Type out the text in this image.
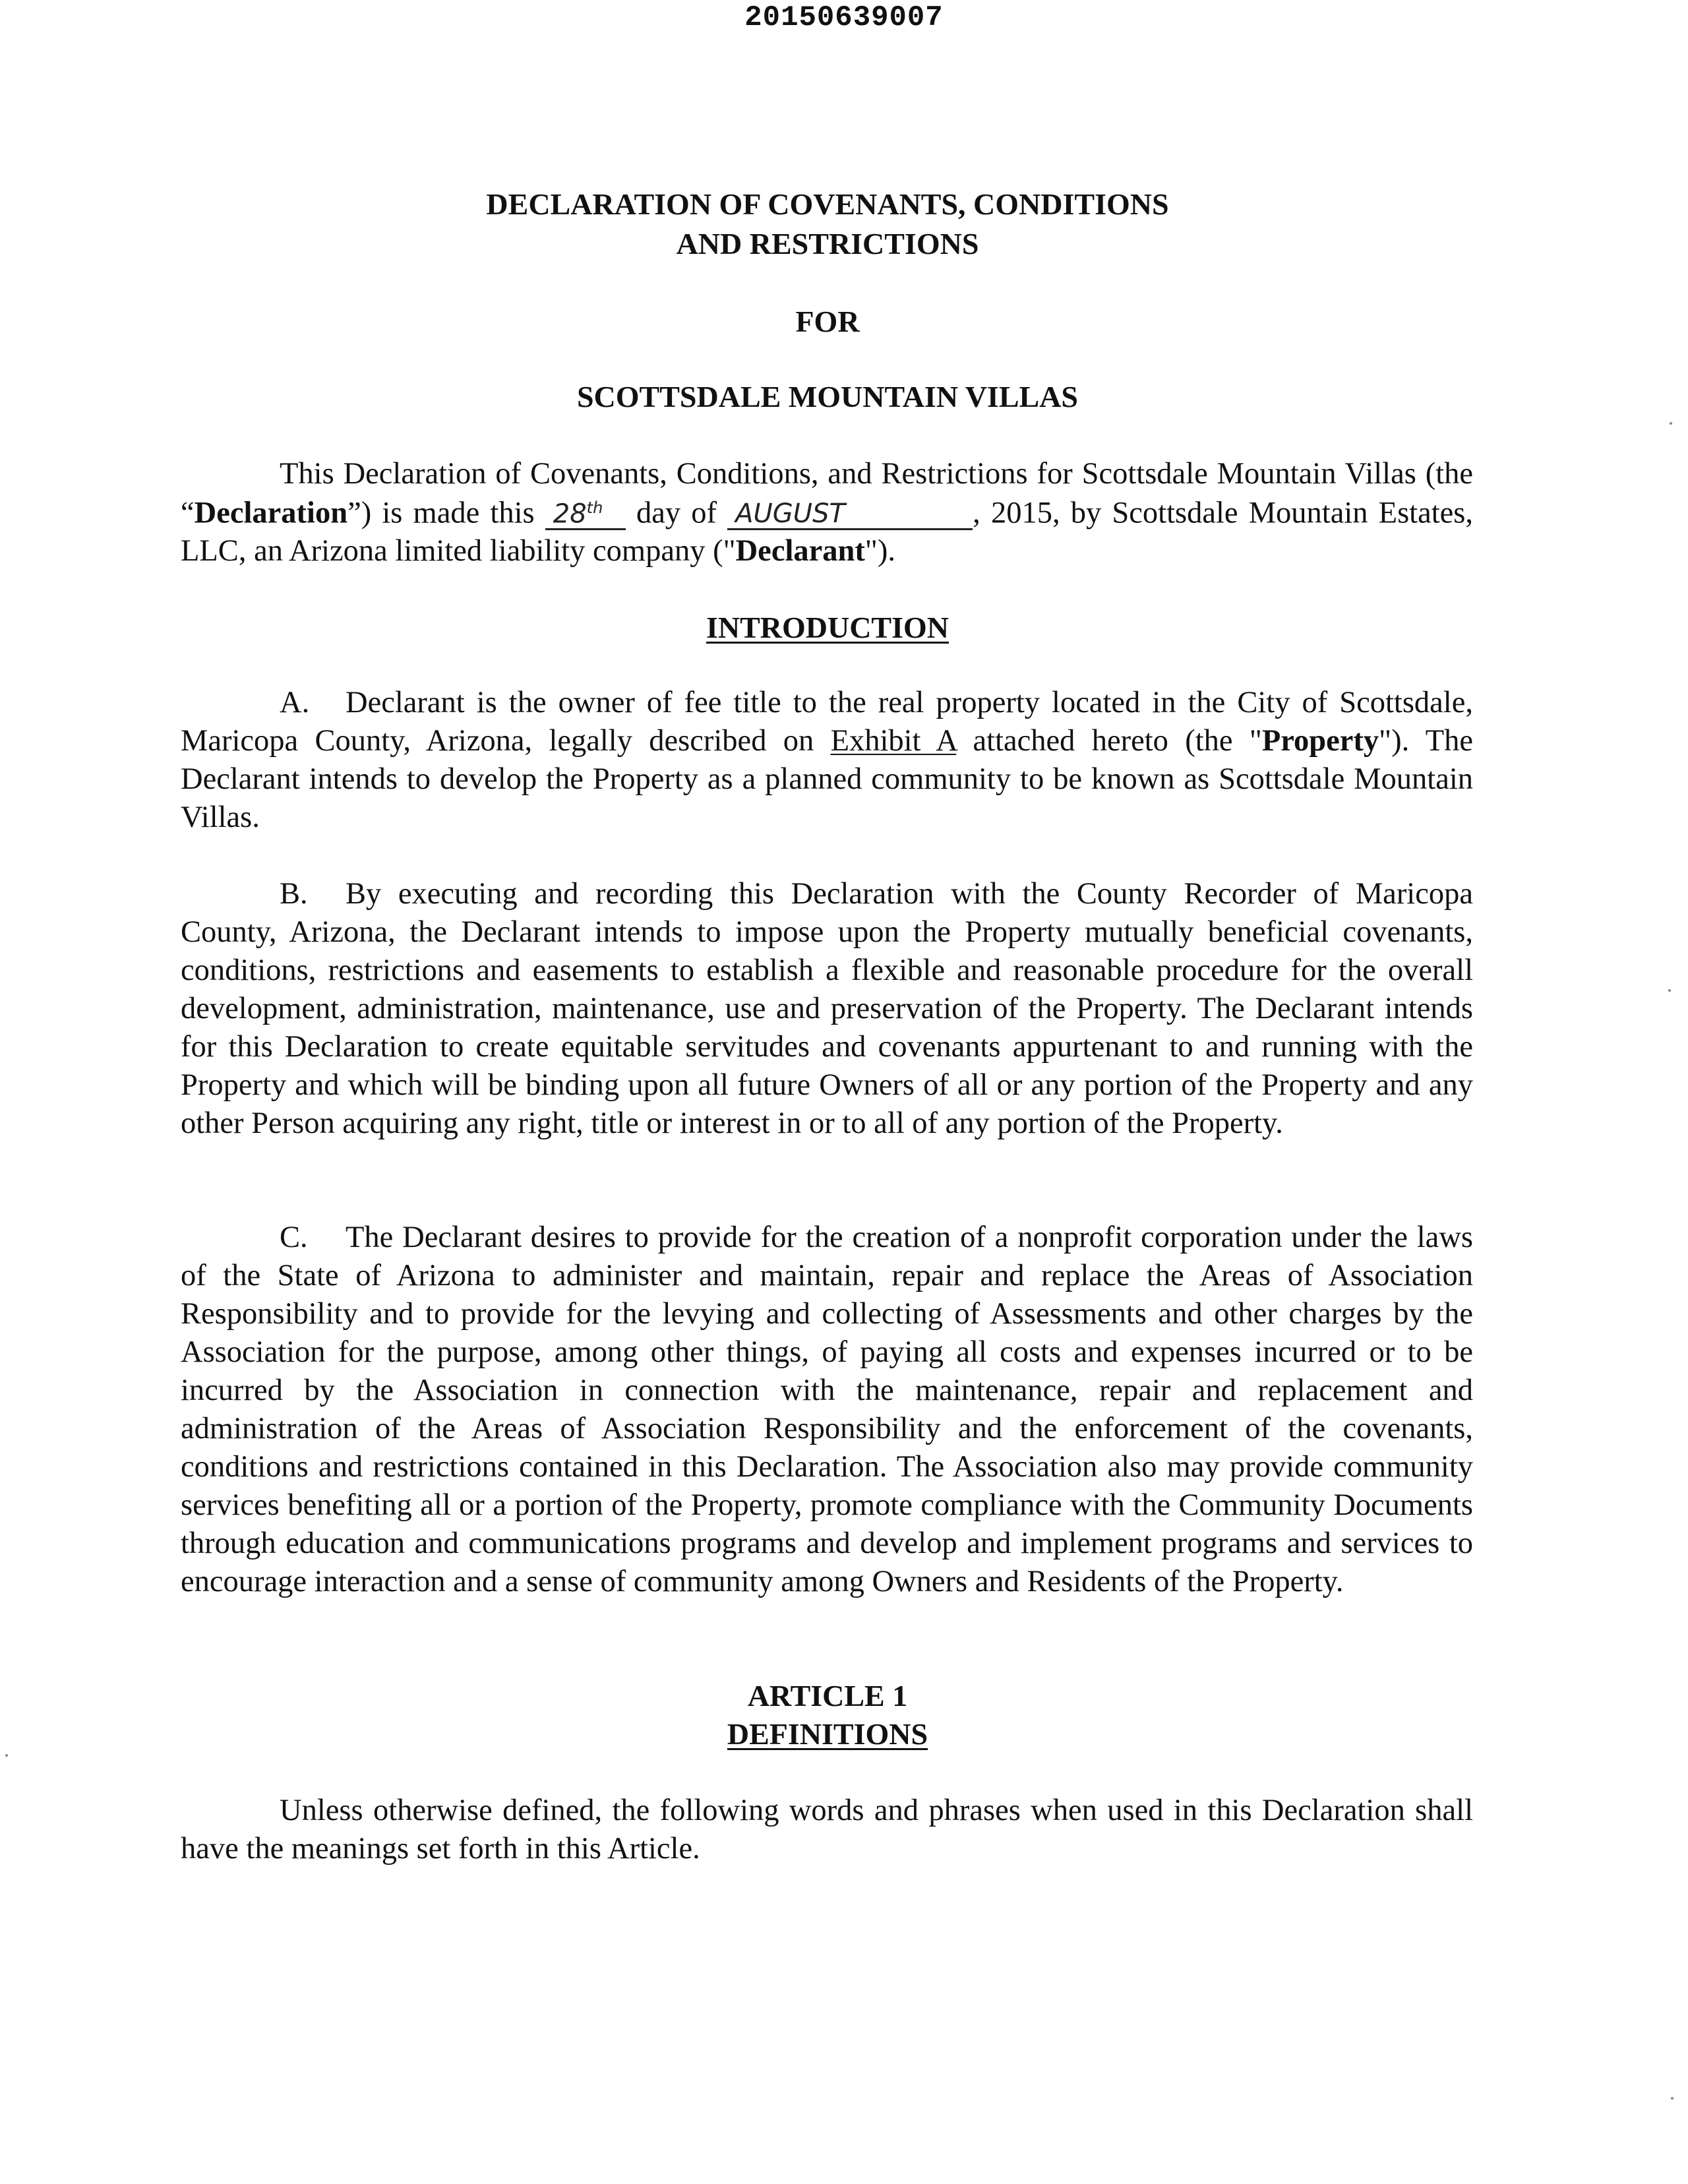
20150639007
DECLARATION OF COVENANTS, CONDITIONS
AND RESTRICTIONS
FOR
SCOTTSDALE MOUNTAIN VILLAS

This Declaration of Covenants, Conditions, and Restrictions for Scottsdale Mountain Villas (the “Declaration”) is made this 28th day of AUGUST	, 2015, by Scottsdale Mountain Estates, LLC, an Arizona limited liability company ("Declarant").

INTRODUCTION

A. Declarant is the owner of fee title to the real property located in the City of Scottsdale, Maricopa County, Arizona, legally described on Exhibit A attached hereto (the "Property"). The Declarant intends to develop the Property as a planned community to be known as Scottsdale Mountain Villas.

B. By executing and recording this Declaration with the County Recorder of Maricopa County, Arizona, the Declarant intends to impose upon the Property mutually beneficial covenants, conditions, restrictions and easements to establish a flexible and reasonable procedure for the overall development, administration, maintenance, use and preservation of the Property. The Declarant intends for this Declaration to create equitable servitudes and covenants appurtenant to and running with the Property and which will be binding upon all future Owners of all or any portion of the Property and any other Person acquiring any right, title or interest in or to all of any portion of the Property.

C. The Declarant desires to provide for the creation of a nonprofit corporation under the laws of the State of Arizona to administer and maintain, repair and replace the Areas of Association Responsibility and to provide for the levying and collecting of Assessments and other charges by the Association for the purpose, among other things, of paying all costs and expenses incurred or to be incurred by the Association in connection with the maintenance, repair and replacement and administration of the Areas of Association Responsibility and the enforcement of the covenants, conditions and restrictions contained in this Declaration. The Association also may provide community services benefiting all or a portion of the Property, promote compliance with the Community Documents through education and communications programs and develop and implement programs and services to encourage interaction and a sense of community among Owners and Residents of the Property.

ARTICLE 1
DEFINITIONS

Unless otherwise defined, the following words and phrases when used in this Declaration shall have the meanings set forth in this Article.
